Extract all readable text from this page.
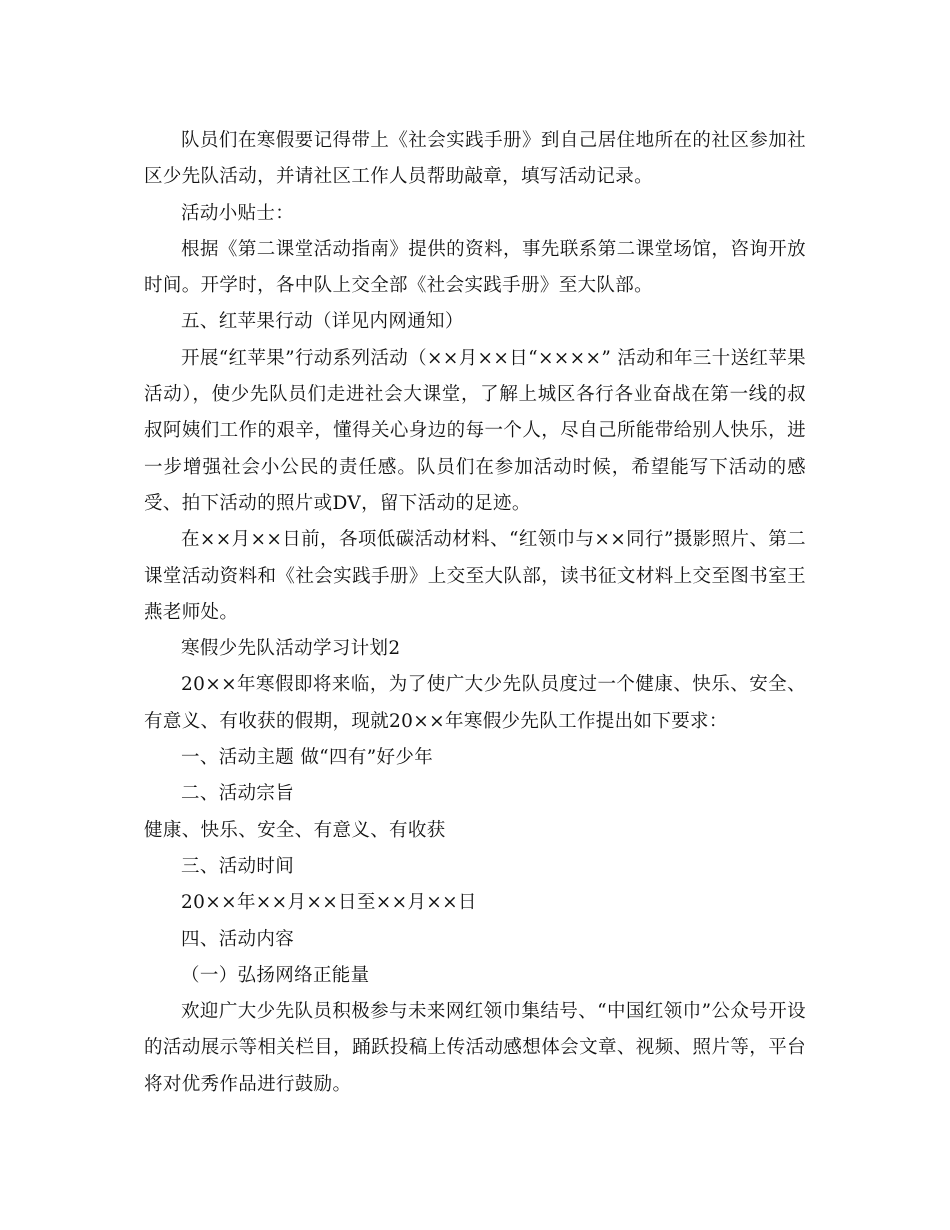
队员们在寒假要记得带上《社会实践手册》到自己居住地所在的社区参加社区少先队活动，并请社区工作人员帮助敲章，填写活动记录。

活动小贴士：

根据《第二课堂活动指南》提供的资料，事先联系第二课堂场馆，咨询开放时间。开学时，各中队上交全部《社会实践手册》至大队部。

五、红苹果行动（详见内网通知）

开展“红苹果”行动系列活动（××月××日“××××” 活动和年三十送红苹果活动），使少先队员们走进社会大课堂，了解上城区各行各业奋战在第一线的叔叔阿姨们工作的艰辛，懂得关心身边的每一个人，尽自己所能带给别人快乐，进一步增强社会小公民的责任感。队员们在参加活动时候，希望能写下活动的感受、拍下活动的照片或DV，留下活动的足迹。

在××月××日前，各项低碳活动材料、“红领巾与××同行”摄影照片、第二课堂活动资料和《社会实践手册》上交至大队部，读书征文材料上交至图书室王燕老师处。

寒假少先队活动学习计划2

20××年寒假即将来临，为了使广大少先队员度过一个健康、快乐、安全、有意义、有收获的假期，现就20××年寒假少先队工作提出如下要求：

一、活动主题 做“四有”好少年

二、活动宗旨

健康、快乐、安全、有意义、有收获

三、活动时间

20××年××月××日至××月××日

四、活动内容

（一）弘扬网络正能量

欢迎广大少先队员积极参与未来网红领巾集结号、“中国红领巾”公众号开设的活动展示等相关栏目，踊跃投稿上传活动感想体会文章、视频、照片等，平台将对优秀作品进行鼓励。
